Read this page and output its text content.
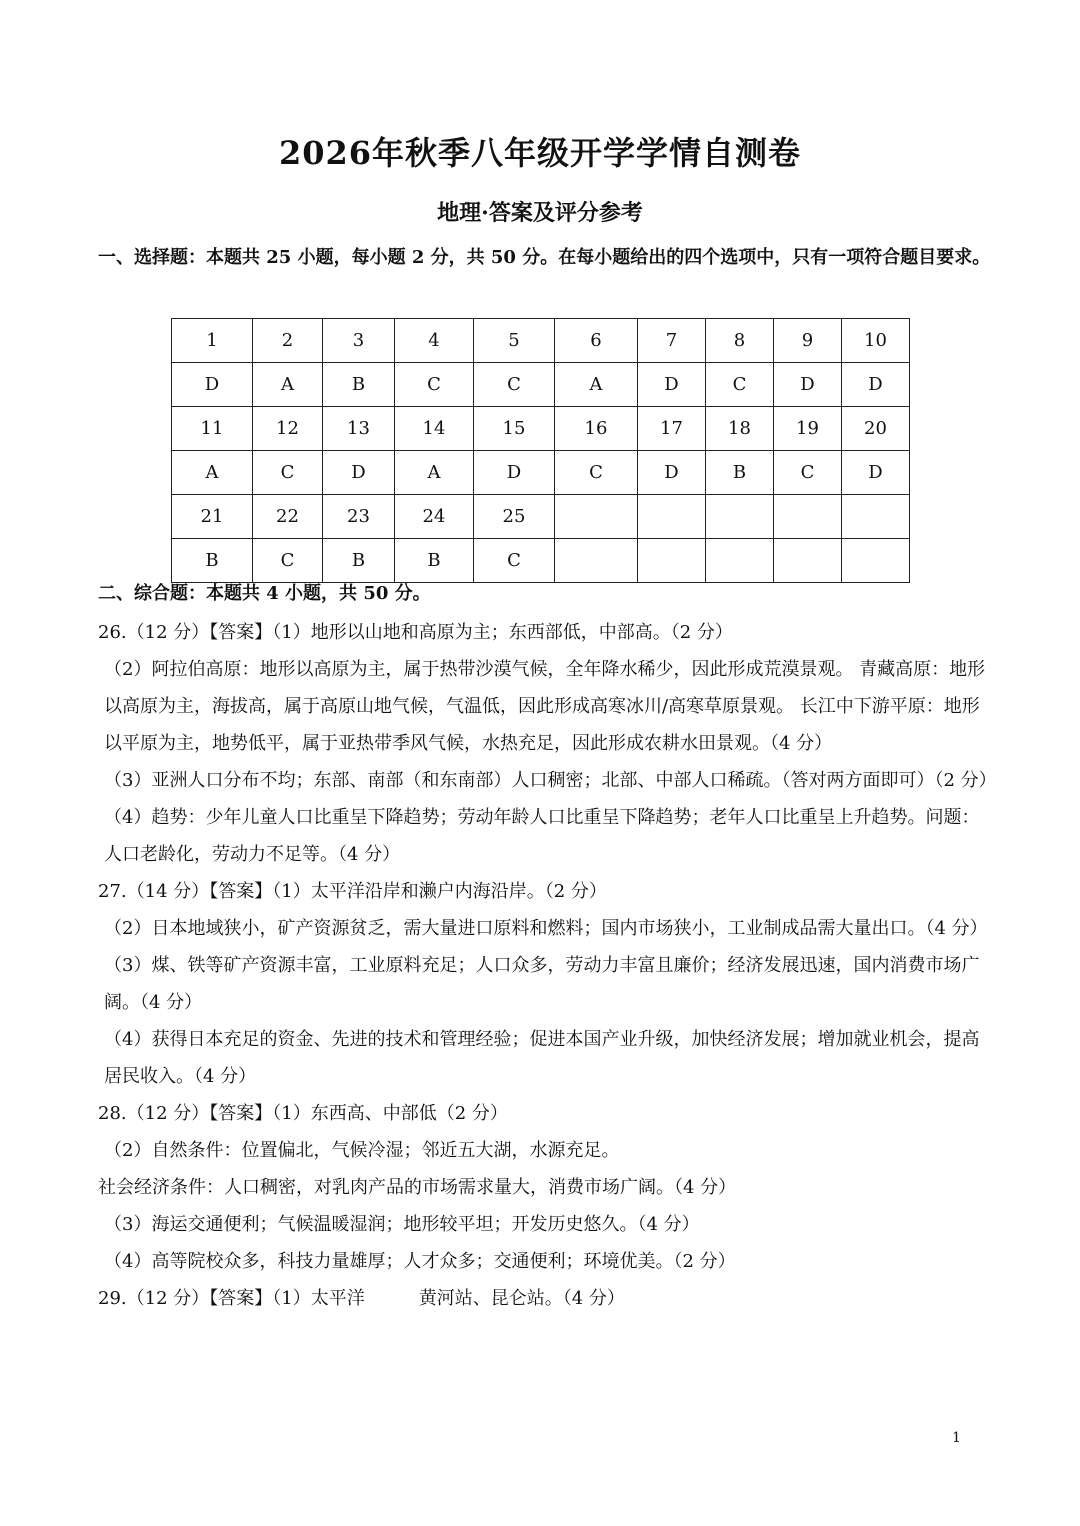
2026年秋季八年级开学学情自测卷
地理·答案及评分参考
一、选择题：本题共 25 小题，每小题 2 分，共 50 分。在每小题给出的四个选项中，只有一项符合题目要求。
1	2	3	4	5	6	7	8	9	10
D	A	B	C	C	A	D	C	D	D
11	12	13	14	15	16	17	18	19	20
A	C	D	A	D	C	D	B	C	D
21	22	23	24	25					
B	C	B	B	C					
二、综合题：本题共 4 小题，共 50 分。

26.（12 分）【答案】（1）地形以山地和高原为主；东西部低，中部高。（2 分）

（2）阿拉伯高原：地形以高原为主，属于热带沙漠气候，全年降水稀少，因此形成荒漠景观。 青藏高原：地形以高原为主，海拔高，属于高原山地气候，气温低，因此形成高寒冰川/高寒草原景观。 长江中下游平原：地形以平原为主，地势低平，属于亚热带季风气候，水热充足，因此形成农耕水田景观。（4 分）

（3）亚洲人口分布不均；东部、南部（和东南部）人口稠密；北部、中部人口稀疏。（答对两方面即可）（2 分）

（4）趋势：少年儿童人口比重呈下降趋势；劳动年龄人口比重呈下降趋势；老年人口比重呈上升趋势。问题：人口老龄化，劳动力不足等。（4 分）

27.（14 分）【答案】（1）太平洋沿岸和濑户内海沿岸。（2 分）

（2）日本地域狭小，矿产资源贫乏，需大量进口原料和燃料；国内市场狭小，工业制成品需大量出口。（4 分）

（3）煤、铁等矿产资源丰富，工业原料充足；人口众多，劳动力丰富且廉价；经济发展迅速，国内消费市场广阔。（4 分）

（4）获得日本充足的资金、先进的技术和管理经验；促进本国产业升级，加快经济发展；增加就业机会，提高居民收入。（4 分）

28.（12 分）【答案】（1）东西高、中部低（2 分）

（2）自然条件：位置偏北，气候冷湿；邻近五大湖，水源充足。

社会经济条件：人口稠密，对乳肉产品的市场需求量大，消费市场广阔。（4 分）

（3）海运交通便利；气候温暖湿润；地形较平坦；开发历史悠久。（4 分）

（4）高等院校众多，科技力量雄厚；人才众多；交通便利；环境优美。（2 分）

29.（12 分）【答案】（1）太平洋　　　黄河站、昆仑站。（4 分）

1
